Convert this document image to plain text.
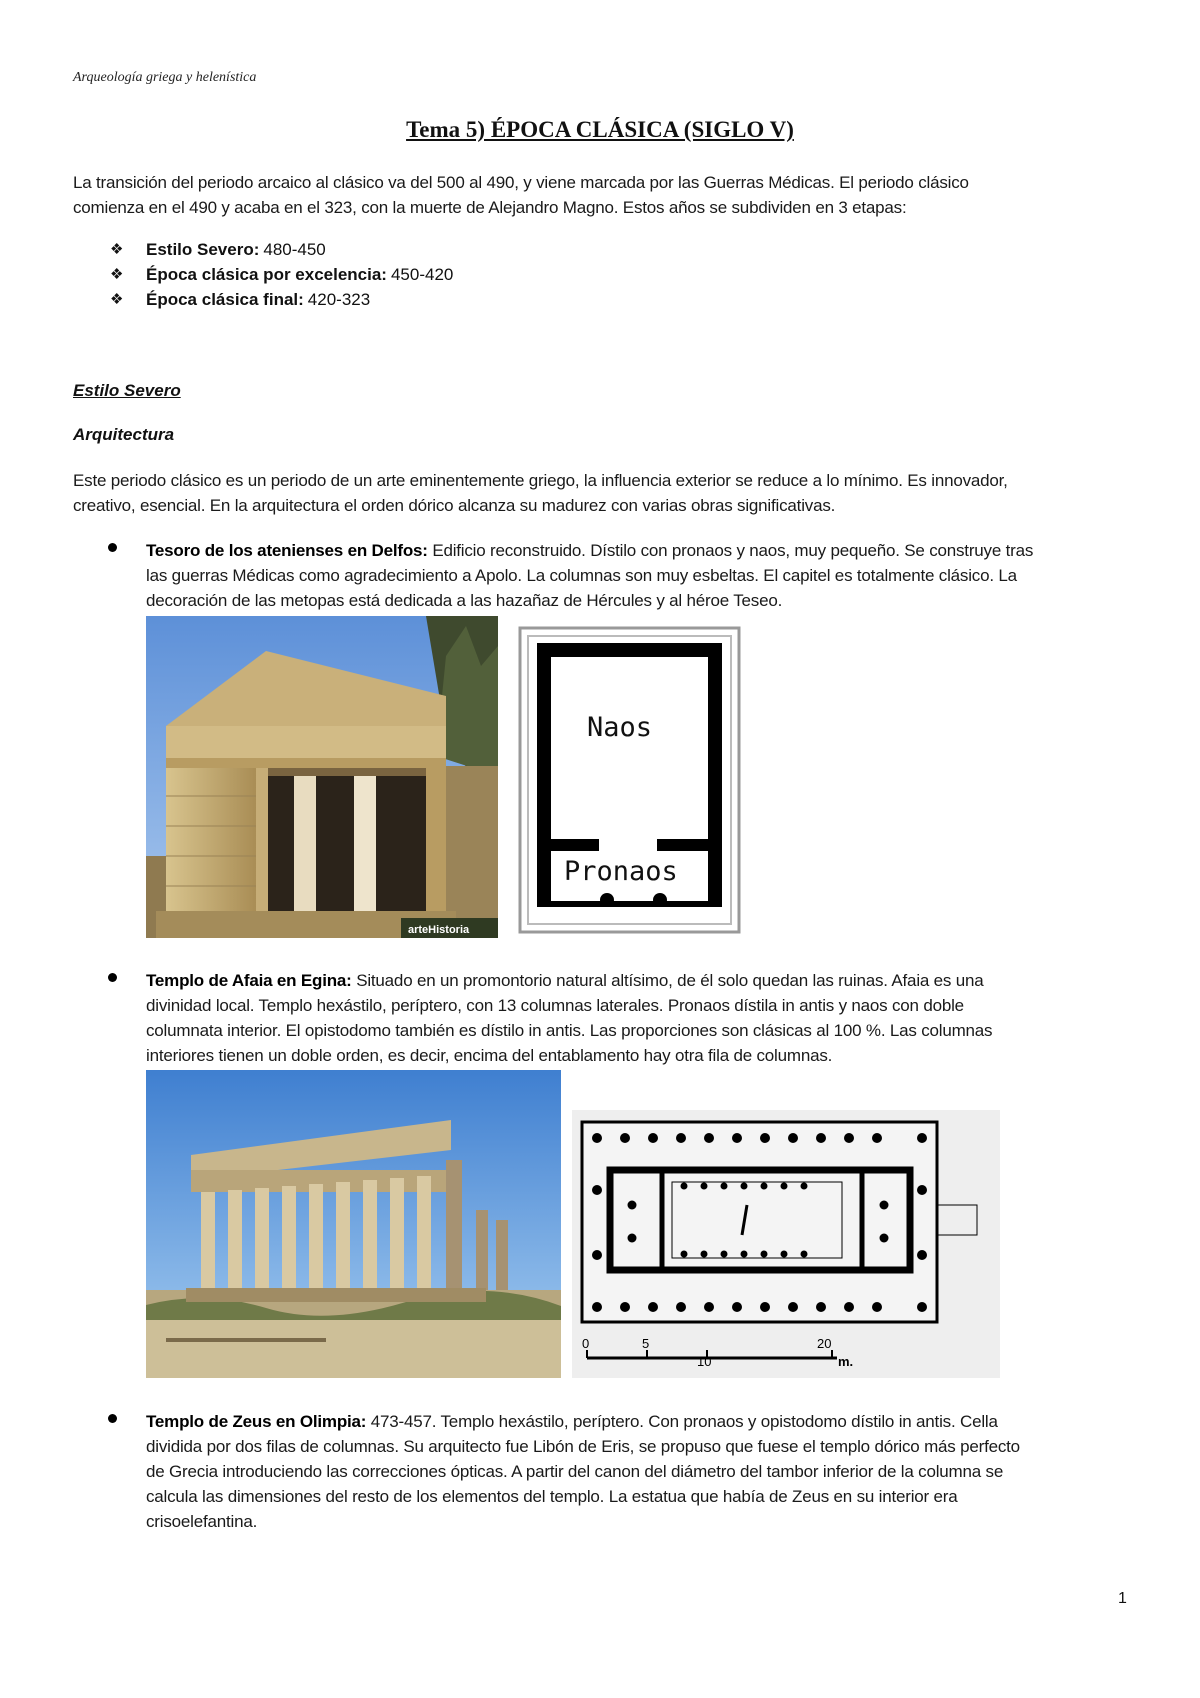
Arqueología griega y helenística
Tema 5) ÉPOCA CLÁSICA (SIGLO V)
La transición del periodo arcaico al clásico va del 500 al 490, y viene marcada por las Guerras Médicas. El periodo clásico
comienza en el 490 y acaba en el 323, con la muerte de Alejandro Magno. Estos años se subdividen en 3 etapas:
❖	Estilo Severo: 480-450
❖	Época clásica por excelencia: 450-420
❖	Época clásica final: 420-323
Estilo Severo
Arquitectura
Este periodo clásico es un periodo de un arte eminentemente griego, la influencia exterior se reduce a lo mínimo. Es innovador,
creativo, esencial. En la arquitectura el orden dórico alcanza su madurez con varias obras significativas.
Tesoro de los atenienses en Delfos: Edificio reconstruido. Dístilo con pronaos y naos, muy pequeño. Se construye tras
las guerras Médicas como agradecimiento a Apolo. La columnas son muy esbeltas. El capitel es totalmente clásico. La
decoración de las metopas está dedicada a las hazañaz de Hércules y al héroe Teseo.
arteHistoria
Naos
Pronaos
Templo de Afaia en Egina: Situado en un promontorio natural altísimo, de él solo quedan las ruinas. Afaia es una
divinidad local. Templo hexástilo, períptero, con 13 columnas laterales. Pronaos dístila in antis y naos con doble
columnata interior. El opistodomo también es dístilo in antis. Las proporciones son clásicas al 100 %. Las columnas
interiores tienen un doble orden, es decir, encima del entablamento hay otra fila de columnas.
0	5
10
20
m.
Templo de Zeus en Olimpia: 473-457. Templo hexástilo, períptero. Con pronaos y opistodomo dístilo in antis. Cella
dividida por dos filas de columnas. Su arquitecto fue Libón de Eris, se propuso que fuese el templo dórico más perfecto
de Grecia introduciendo las correcciones ópticas. A partir del canon del diámetro del tambor inferior de la columna se
calcula las dimensiones del resto de los elementos del templo. La estatua que había de Zeus en su interior era
crisoelefantina.
1
